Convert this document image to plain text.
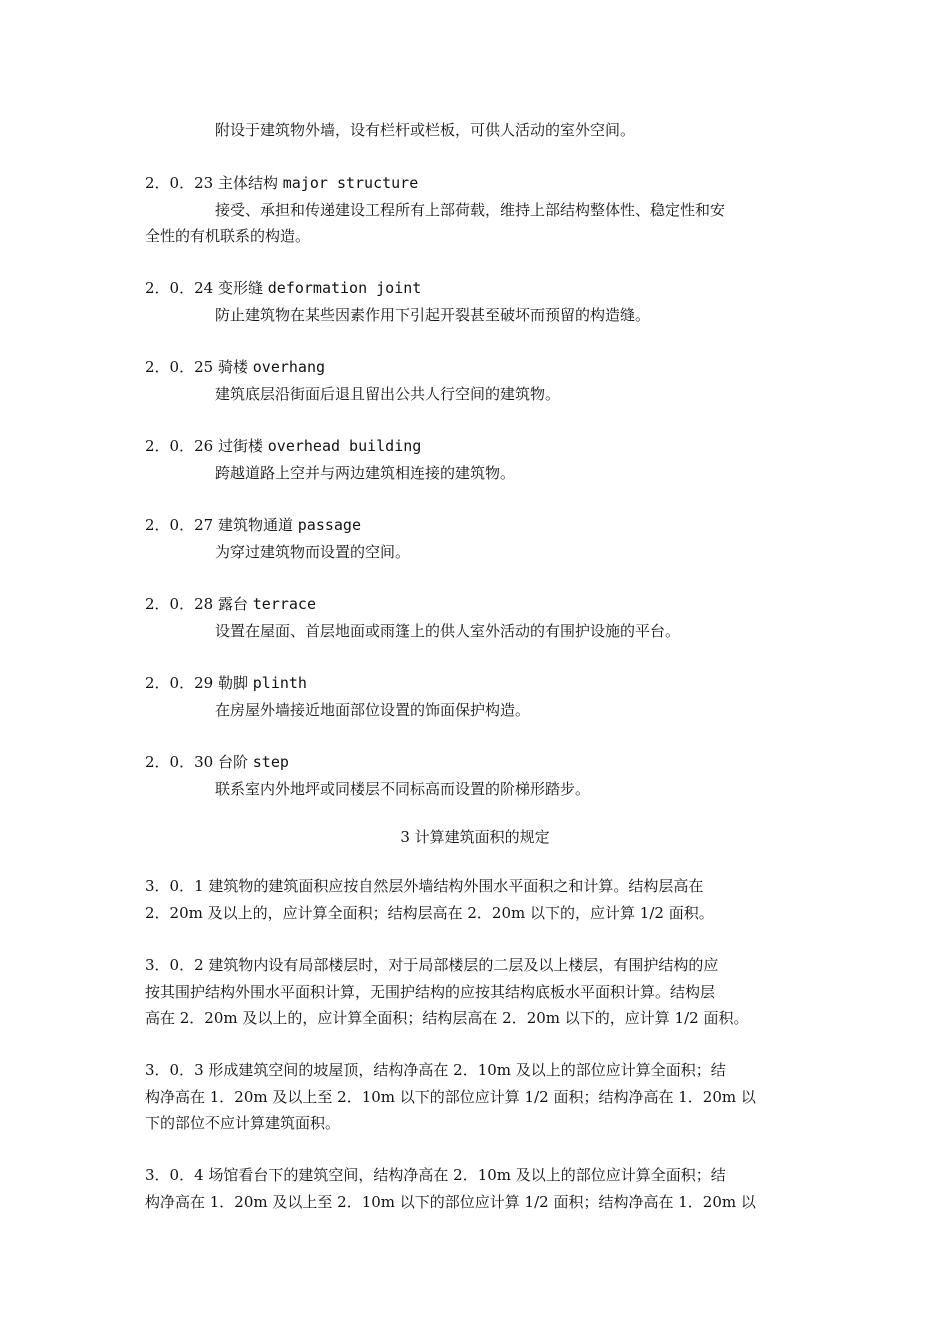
附设于建筑物外墙，设有栏杆或栏板，可供人活动的室外空间。
2．0．23 主体结构 major structure
接受、承担和传递建设工程所有上部荷载，维持上部结构整体性、稳定性和安
全性的有机联系的构造。
2．0．24 变形缝 deformation joint
防止建筑物在某些因素作用下引起开裂甚至破坏而预留的构造缝。
2．0．25 骑楼 overhang
建筑底层沿街面后退且留出公共人行空间的建筑物。
2．0．26 过街楼 overhead building
跨越道路上空并与两边建筑相连接的建筑物。
2．0．27 建筑物通道 passage
为穿过建筑物而设置的空间。
2．0．28 露台 terrace
设置在屋面、首层地面或雨篷上的供人室外活动的有围护设施的平台。
2．0．29 勒脚 plinth
在房屋外墙接近地面部位设置的饰面保护构造。
2．0．30 台阶 step
联系室内外地坪或同楼层不同标高而设置的阶梯形踏步。
3 计算建筑面积的规定
3．0．1 建筑物的建筑面积应按自然层外墙结构外围水平面积之和计算。结构层高在
2．20m 及以上的，应计算全面积；结构层高在 2．20m 以下的，应计算 1/2 面积。
3．0．2 建筑物内设有局部楼层时，对于局部楼层的二层及以上楼层，有围护结构的应
按其围护结构外围水平面积计算，无围护结构的应按其结构底板水平面积计算。结构层
高在 2．20m 及以上的，应计算全面积；结构层高在 2．20m 以下的，应计算 1/2 面积。
3．0．3 形成建筑空间的坡屋顶，结构净高在 2．10m 及以上的部位应计算全面积；结
构净高在 1．20m 及以上至 2．10m 以下的部位应计算 1/2 面积；结构净高在 1．20m 以
下的部位不应计算建筑面积。
3．0．4 场馆看台下的建筑空间，结构净高在 2．10m 及以上的部位应计算全面积；结
构净高在 1．20m 及以上至 2．10m 以下的部位应计算 1/2 面积；结构净高在 1．20m 以
